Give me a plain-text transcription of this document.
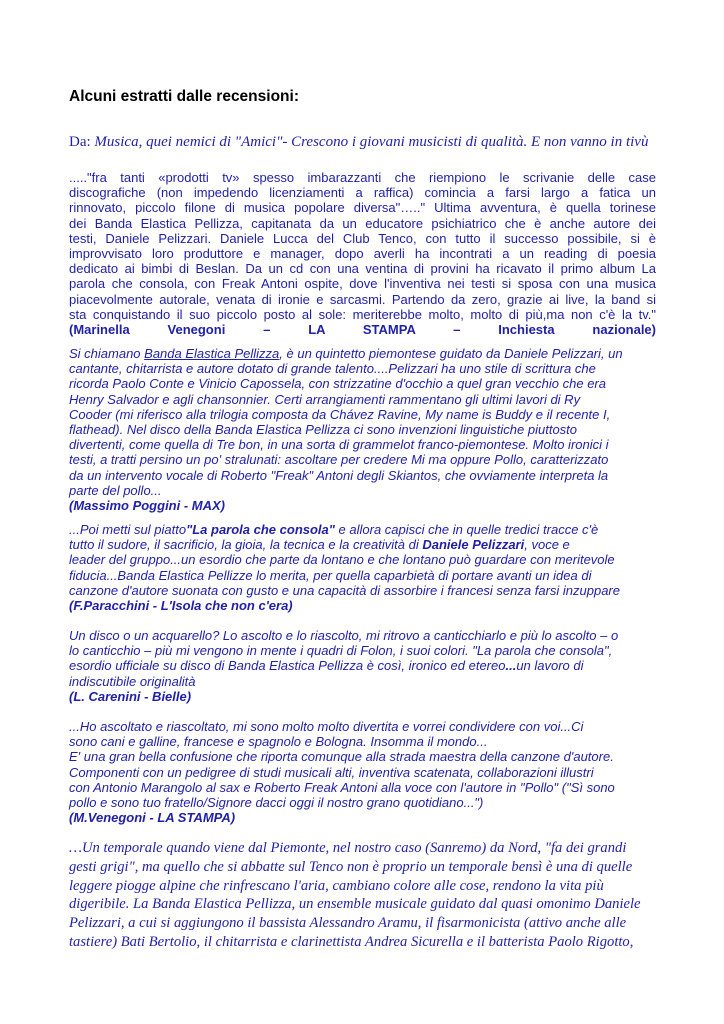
Alcuni estratti dalle recensioni:

Da: Musica, quei nemici di "Amici"- Crescono i giovani musicisti di qualità. E non vanno in tivù

....."fra tanti «prodotti tv» spesso imbarazzanti che riempiono le scrivanie delle case
discografiche (non impedendo licenziamenti a raffica) comincia a farsi largo a fatica un
rinnovato, piccolo filone di musica popolare diversa"….." Ultima avventura, è quella torinese
dei Banda Elastica Pellizza, capitanata da un educatore psichiatrico che è anche autore dei
testi, Daniele Pelizzari. Daniele Lucca del Club Tenco, con tutto il successo possibile, si è
improvvisato loro produttore e manager, dopo averli ha incontrati a un reading di poesia
dedicato ai bimbi di Beslan. Da un cd con una ventina di provini ha ricavato il primo album La
parola che consola, con Freak Antoni ospite, dove l'inventiva nei testi si sposa con una musica
piacevolmente autorale, venata di ironie e sarcasmi. Partendo da zero, grazie ai live, la band si
sta conquistando il suo piccolo posto al sole: meriterebbe molto, molto di più,ma non c'è la tv."
(Marinella Venegoni – LA STAMPA – Inchiesta nazionale)
Si chiamano Banda Elastica Pellizza, è un quintetto piemontese guidato da Daniele Pelizzari, un
cantante, chitarrista e autore dotato di grande talento....Pelizzari ha uno stile di scrittura che
ricorda Paolo Conte e Vinicio Capossela, con strizzatine d'occhio a quel gran vecchio che era
Henry Salvador e agli chansonnier. Certi arrangiamenti rammentano gli ultimi lavori di Ry
Cooder (mi riferisco alla trilogia composta da Chávez Ravine, My name is Buddy e il recente I,
flathead). Nel disco della Banda Elastica Pellizza ci sono invenzioni linguistiche piuttosto
divertenti, come quella di Tre bon, in una sorta di grammelot franco-piemontese. Molto ironici i
testi, a tratti persino un po' stralunati: ascoltare per credere Mi ma oppure Pollo, caratterizzato
da un intervento vocale di Roberto "Freak" Antoni degli Skiantos, che ovviamente interpreta la
parte del pollo...
(Massimo Poggini - MAX)
...Poi metti sul piatto"La parola che consola" e allora capisci che in quelle tredici tracce c'è
tutto il sudore, il sacrificio, la gioia, la tecnica e la creatività di Daniele Pelizzari, voce e
leader del gruppo...un esordio che parte da lontano e che lontano può guardare con meritevole
fiducia...Banda Elastica Pellizze lo merita, per quella caparbietà di portare avanti un idea di
canzone d'autore suonata con gusto e una capacità di assorbire i francesi senza farsi inzuppare
(F.Paracchini - L'Isola che non c'era)
Un disco o un acquarello? Lo ascolto e lo riascolto, mi ritrovo a canticchiarlo e più lo ascolto – o
lo canticchio – più mi vengono in mente i quadri di Folon, i suoi colori. "La parola che consola",
esordio ufficiale su disco di Banda Elastica Pellizza è così, ironico ed etereo...un lavoro di
indiscutibile originalità
(L. Carenini - Bielle)
...Ho ascoltato e riascoltato, mi sono molto molto divertita e vorrei condividere con voi...Ci
sono cani e galline, francese e spagnolo e Bologna. Insomma il mondo...
E' una gran bella confusione che riporta comunque alla strada maestra della canzone d'autore.
Componenti con un pedigree di studi musicali alti, inventiva scatenata, collaborazioni illustri
con Antonio Marangolo al sax e Roberto Freak Antoni alla voce con l'autore in "Pollo" ("Sì sono
pollo e sono tuo fratello/Signore dacci oggi il nostro grano quotidiano...")
(M.Venegoni - LA STAMPA)
…Un temporale quando viene dal Piemonte, nel nostro caso (Sanremo) da Nord, "fa dei grandi
gesti grigi", ma quello che si abbatte sul Tenco non è proprio un temporale bensì è una di quelle
leggere piogge alpine che rinfrescano l'aria, cambiano colore alle cose, rendono la vita più
digeribile. La Banda Elastica Pellizza, un ensemble musicale guidato dal quasi omonimo Daniele
Pelizzari, a cui si aggiungono il bassista Alessandro Aramu, il fisarmonicista (attivo anche alle
tastiere) Bati Bertolio, il chitarrista e clarinettista Andrea Sicurella e il batterista Paolo Rigotto,
